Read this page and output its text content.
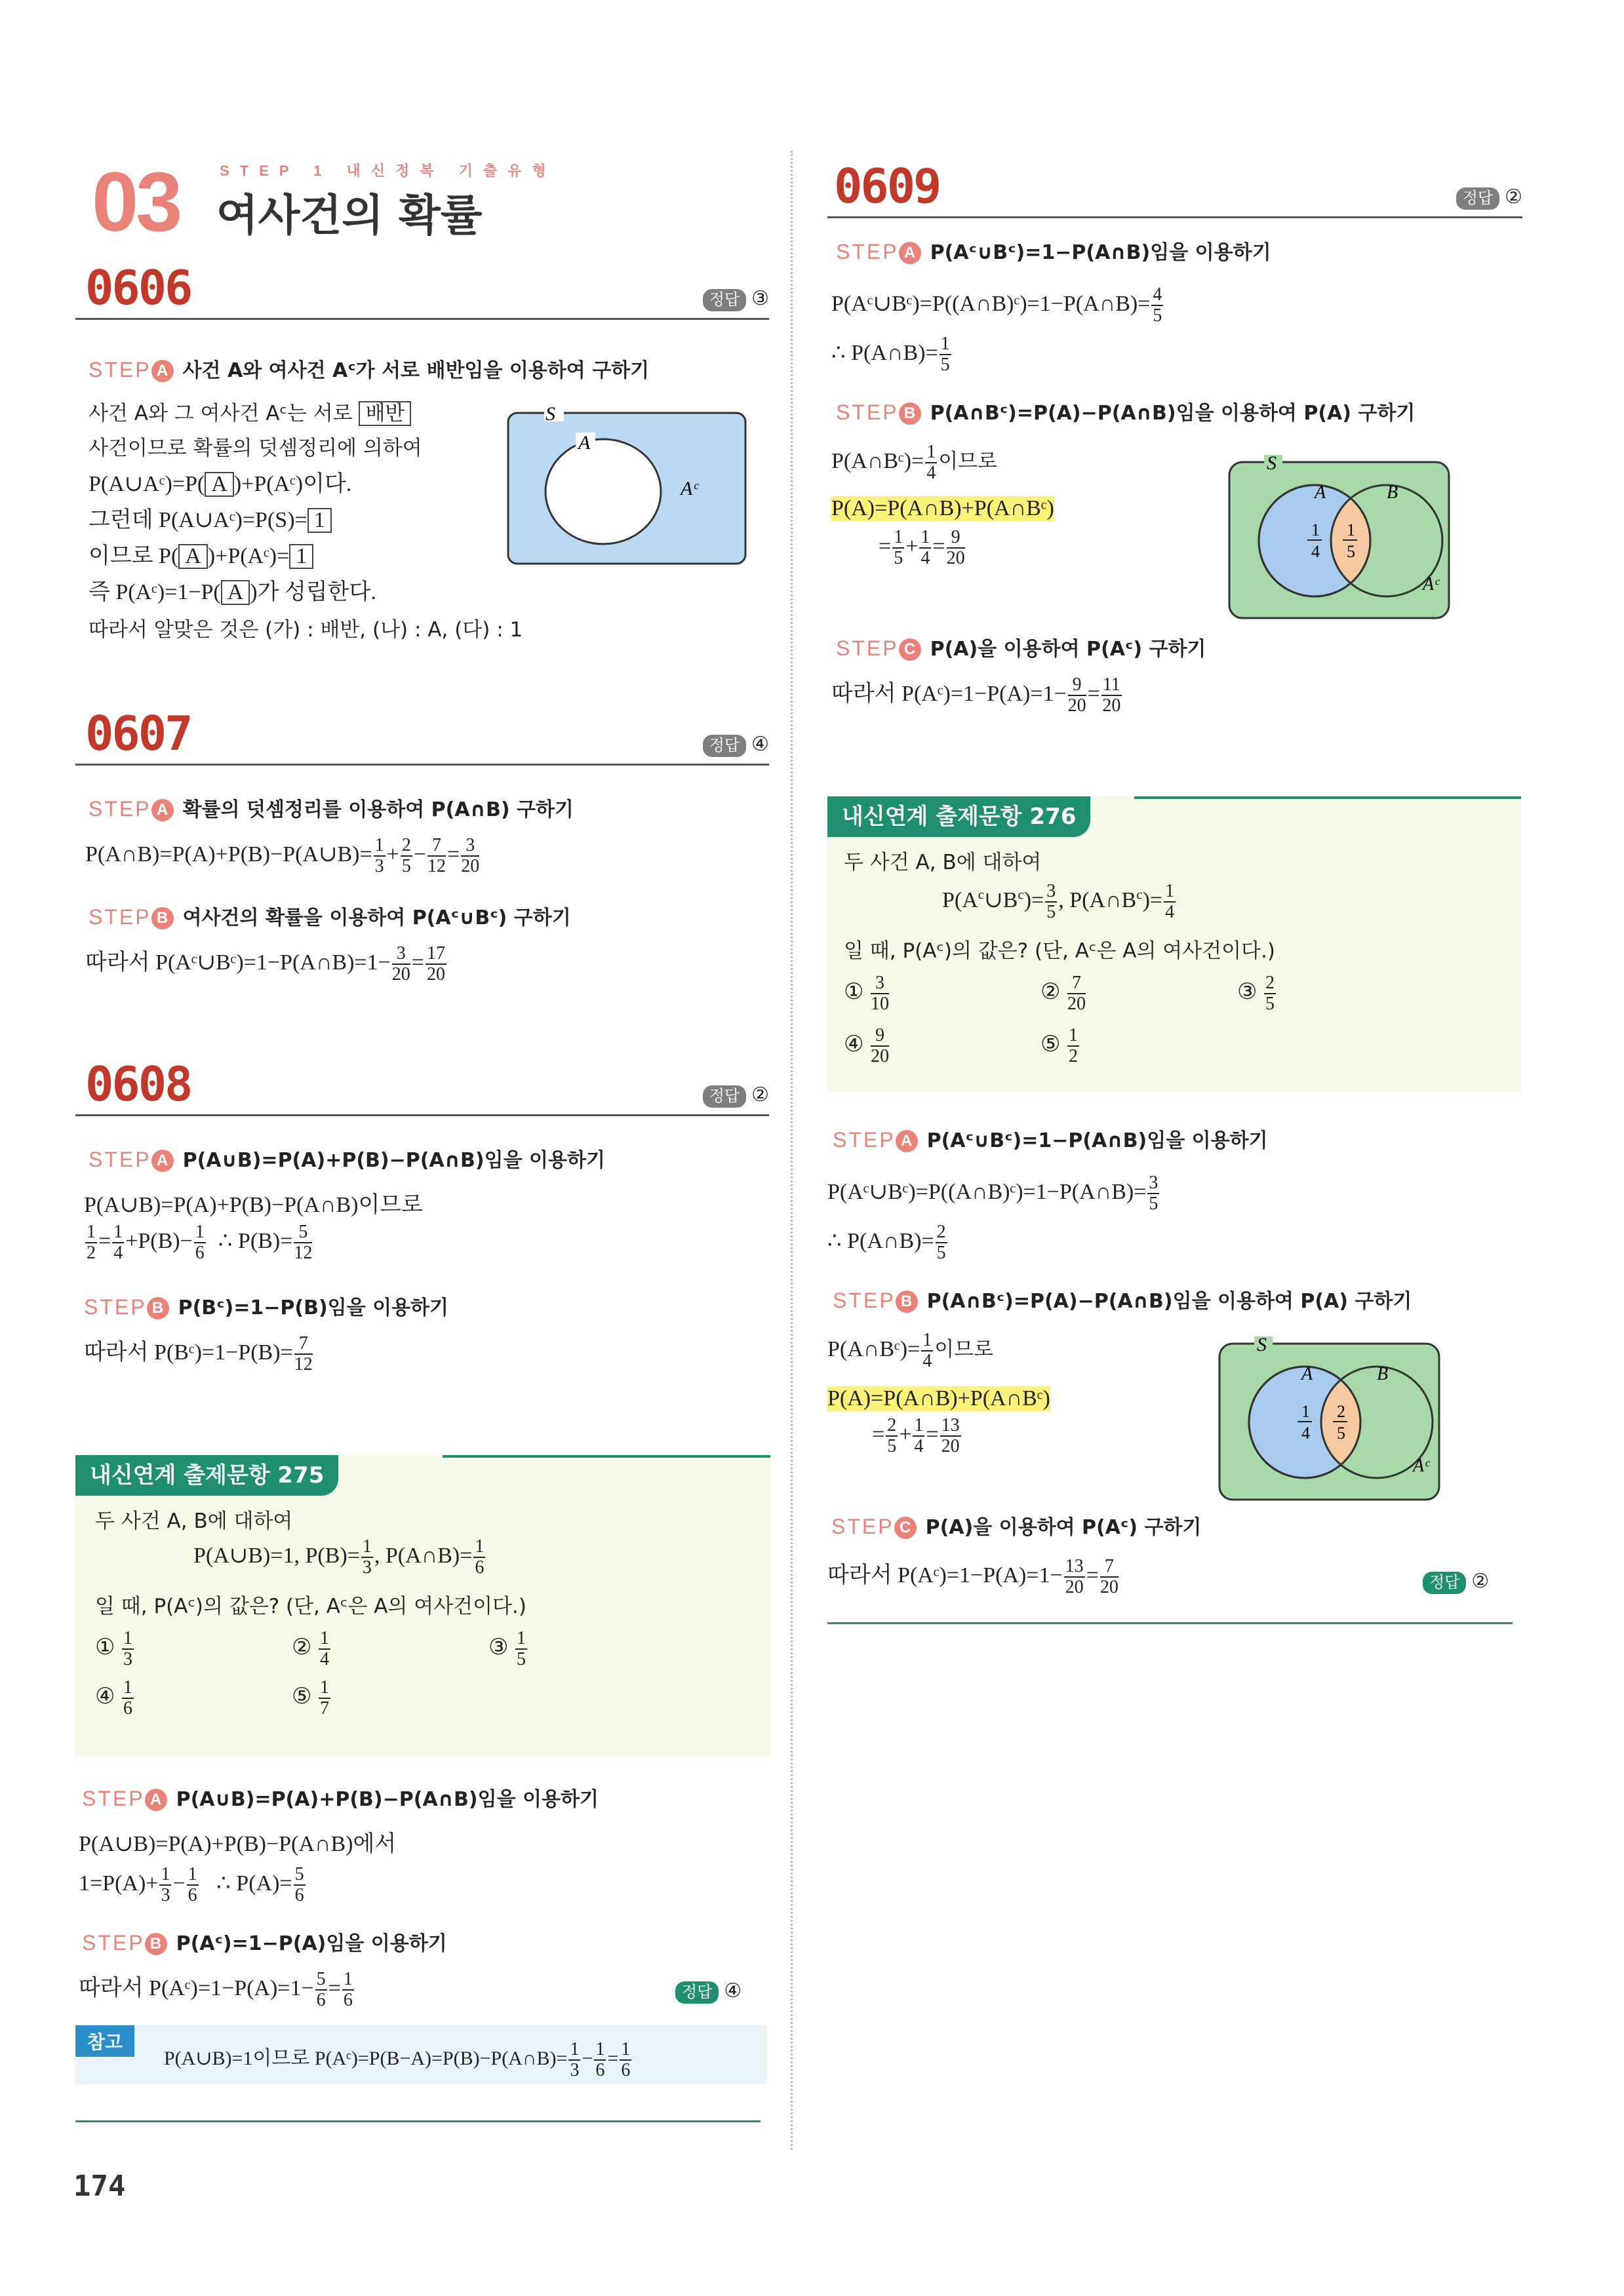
03	STEP 1 내신정복 기출유형
여사건의 확률
0606	정답 ③
STEP A 사건 A와 여사건 Aᶜ가 서로 배반임을 이용하여 구하기
사건 A와 그 여사건 Aᶜ는 서로 배반
사건이므로 확률의 덧셈정리에 의하여
P(A∪Aᶜ)=P( A )+P(Aᶜ)이다.
그런데 P(A∪Aᶜ)=P(S)= 1
이므로 P( A )+P(Aᶜ)= 1
즉 P(Aᶜ)=1−P( A )가 성립한다.
따라서 알맞은 것은 (가) : 배반, (나) : A, (다) : 1
S
A
Aᶜ
0607	정답 ④
STEP A 확률의 덧셈정리를 이용하여 P(A∩B) 구하기
P(A∩B)=P(A)+P(B)−P(A∪B)= $\frac{1}{3} + \frac{2}{5} - \frac{7}{12} = \frac{3}{20}$
STEP B 여사건의 확률을 이용하여 P(Aᶜ∪Bᶜ) 구하기
따라서 P(Aᶜ∪Bᶜ)=1−P(A∩B)=1− $\frac{3}{20} = \frac{17}{20}$
0608	정답 ②
STEP A P(A∪B)=P(A)+P(B)−P(A∩B)임을 이용하기
P(A∪B)=P(A)+P(B)−P(A∩B)이므로
$\frac{1}{2} = \frac{1}{4} +P(B)- \frac{1}{6}$ ∴ $P(B)= \frac{5}{12}$
STEP B P(Bᶜ)=1−P(B)임을 이용하기
따라서 P(Bᶜ)=1−P(B)= $\frac{7}{12}$
내신연계 출제문항 275
두 사건 A, B에 대하여
P(A∪B)=1, $P(B)= \frac{1}{3}$ , P(A∩B)= $\frac{1}{6}$
일 때, P(Aᶜ)의 값은? (단, Aᶜ은 A의 여사건이다.)
① $\frac{1}{3}$	② $\frac{1}{4}$	③ $\frac{1}{5}$
④ $\frac{1}{6}$	⑤ $\frac{1}{7}$
STEP A P(A∪B)=P(A)+P(B)−P(A∩B)임을 이용하기
P(A∪B)=P(A)+P(B)−P(A∩B)에서
$1=P(A)+ \frac{1}{3} - \frac{1}{6}$ ∴ $P(A)= \frac{5}{6}$
STEP B P(Aᶜ)=1−P(A)임을 이용하기
따라서 P(Aᶜ)=1−P(A)=1− $\frac{5}{6} = \frac{1}{6}$	정답 ④
참고
P(A∪B)=1이므로 P(Aᶜ)=P(B−A)=P(B)−P(A∩B)= $\frac{1}{3} - \frac{1}{6} = \frac{1}{6}$
174
0609	정답 ②
STEP A P(Aᶜ∪Bᶜ)=1−P(A∩B)임을 이용하기
P(Aᶜ∪Bᶜ)=P((A∩B)ᶜ)=1−P(A∩B)= $\frac{4}{5}$
∴ P(A∩B)= $\frac{1}{5}$
STEP B P(A∩Bᶜ)=P(A)−P(A∩B)임을 이용하여 P(A) 구하기
P(A∩Bᶜ)= $\frac{1}{4}$ 이므로
P(A)=P(A∩B)+P(A∩Bᶜ)
= $\frac{1}{5} + \frac{1}{4} = \frac{9}{20}$
S
A	B
1
4
1
5
Aᶜ
STEP C P(A)을 이용하여 P(Aᶜ) 구하기
따라서 P(Aᶜ)=1−P(A)=1− $\frac{9}{20} = \frac{11}{20}$
내신연계 출제문항 276
두 사건 A, B에 대하여
$P(A^c\cup B^c)= \frac{3}{5}$ , $P(A\cap B^c)= \frac{1}{4}$
일 때, P(Aᶜ)의 값은? (단, Aᶜ은 A의 여사건이다.)
① $\frac{3}{10}$	② $\frac{7}{20}$	③ $\frac{2}{5}$
④ $\frac{9}{20}$	⑤ $\frac{1}{2}$
STEP A P(Aᶜ∪Bᶜ)=1−P(A∩B)임을 이용하기
P(Aᶜ∪Bᶜ)=P((A∩B)ᶜ)=1−P(A∩B)= $\frac{3}{5}$
∴ P(A∩B)= $\frac{2}{5}$
STEP B P(A∩Bᶜ)=P(A)−P(A∩B)임을 이용하여 P(A) 구하기
P(A∩Bᶜ)= $\frac{1}{4}$ 이므로
P(A)=P(A∩B)+P(A∩Bᶜ)
= $\frac{2}{5} + \frac{1}{4} = \frac{13}{20}$
S
A	B
1
4
2
5
Aᶜ
STEP C P(A)을 이용하여 P(Aᶜ) 구하기
따라서 P(Aᶜ)=1−P(A)=1− $\frac{13}{20} = \frac{7}{20}$	정답 ②
